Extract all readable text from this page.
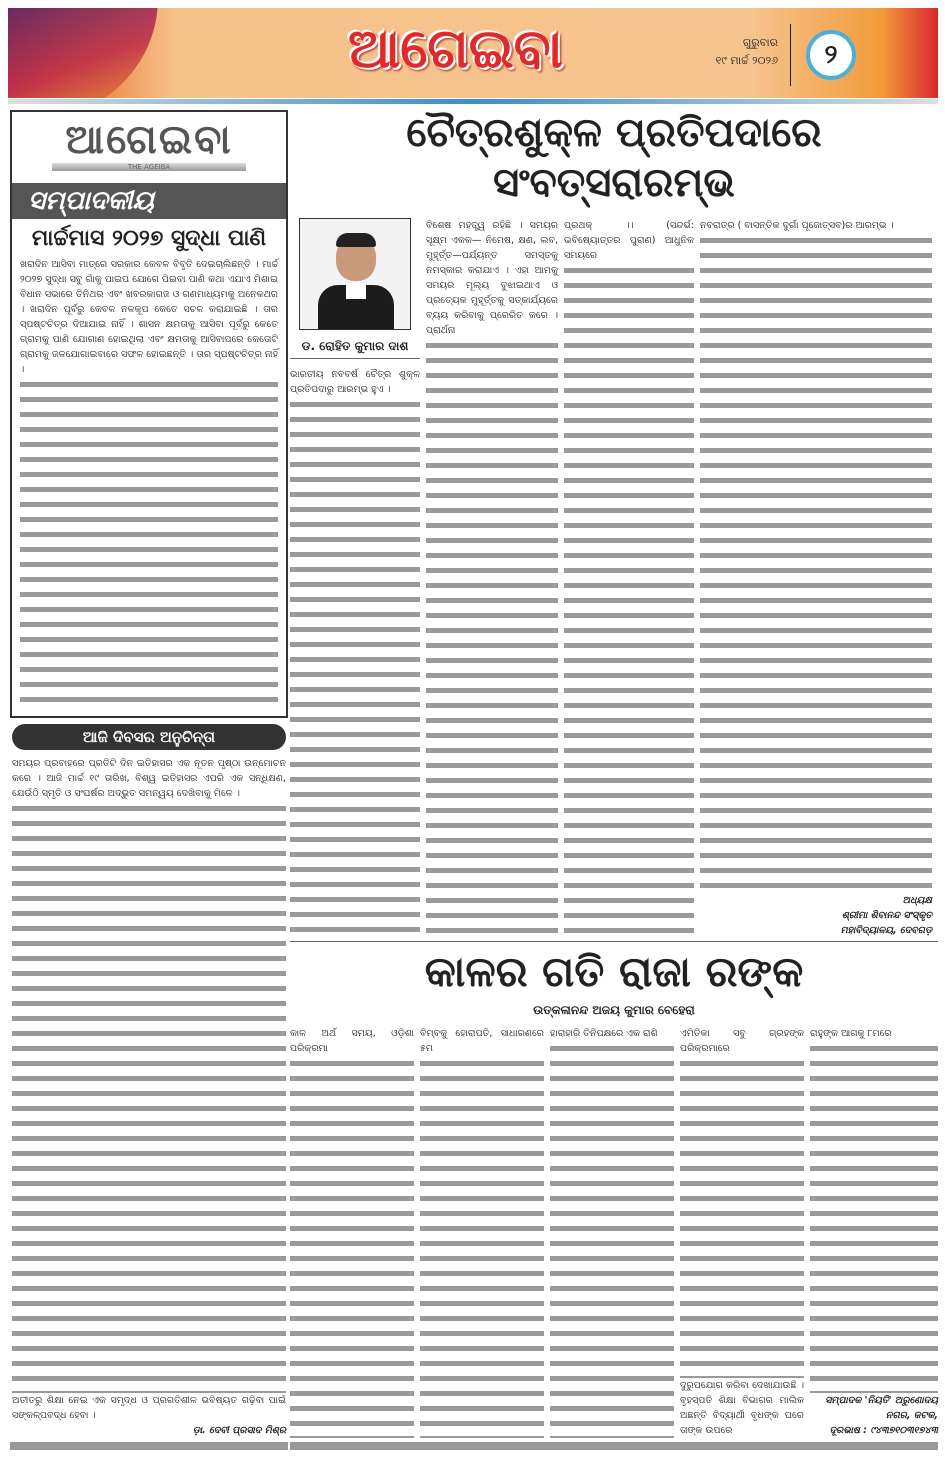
ଆଗେଇବା	ଗୁରୁବାର
୧୯ ମାର୍ଚ୍ଚ ୨୦୨୬	୨
ଆଗେଇବା
THE AGEIBA
ସମ୍ପାଦକୀୟ
ମାର୍ଚ୍ଚମାସ ୨୦୨୭ ସୁଦ୍ଧା ପାଣି
ଖରାଦିନ ଆସିବା ମାତ୍ରେ ସରକାର କେବଳ ବିବୃତି ଦେଇଚାଲିଛନ୍ତି । ମାର୍ଚ୍ଚ ୨୦୨୭ ସୁଦ୍ଧା ସବୁ ଗାଁକୁ ପାଇପ ଯୋଗେ ପିଇବା ପାଣି କଥା ଏଯାଏ ମିଶାଇ ବିଧାନ ସଭାରେ ତିନିଥର ଏବଂ ଖବରକାଗଜ ଓ ଗଣମାଧ୍ୟମକୁ ଅନେକଥର । ଖରାଦିନ ପୂର୍ବରୁ କେବଳ ନଳକୂପ କେତେ ସଚଳ କରାଯାଇଛି । ତାର ସ୍ପଷ୍ଟଚିତ୍ର ଦିଆଯାଇ ନାହିଁ । ଶାସନ କ୍ଷମତାକୁ ଆସିବା ପୂର୍ବରୁ କେତେ ଗ୍ରାମକୁ ପାଣି ଯୋଗାଣ ହୋଇଥିଲା ଏବଂ କ୍ଷମତାକୁ ଆସିବାପରେ କେତୋଟି ଗ୍ରାମକୁ ଜଳଯୋଗାଇବାରେ ସଫଳ ହୋଇଛନ୍ତି । ତାର ସ୍ପଷ୍ଟଚିତ୍ର ନାହିଁ ।
ଆଜି ଦିବସର ଅନୁଚିନ୍ତା
ସମୟର ପ୍ରବାହରେ ପ୍ରତିଟି ଦିନ ଇତିହାସର ଏକ ନୂତନ ପୃଷ୍ଠା ଉନ୍ମୋଚନ କରେ । ଆଜି ମାର୍ଚ୍ଚ ୧୯ ତାରିଖ, ବିଶ୍ୱ ଇତିହାସର ଏପରି ଏକ ସନ୍ଧିକ୍ଷଣ, ଯେଉଁଠି ସ୍ମୃତି ଓ ସଂଘର୍ଷର ଅଦ୍ଭୁତ ସମନ୍ୱୟ ଦେଖିବାକୁ ମିଳେ ।
ଅତୀତରୁ ଶିକ୍ଷା ନେଇ ଏକ ସମୃଦ୍ଧ ଓ ପ୍ରଗତିଶୀଳ ଭବିଷ୍ୟତ ଗଢ଼ିବା ପାଇଁ ସଙ୍କଳ୍ପବଦ୍ଧ ହେବା ।
ଡ଼ା. ଦେବୀ ପ୍ରସାଦ ମିଶ୍ର
ଚୈତ୍ରଶୁକ୍ଳ ପ୍ରତିପଦାରେ ସଂବତ୍ସରାରମ୍ଭ
ଡ. ରୋହିତ କୁମାର ଦାଶ
ଭାରତୀୟ ନବବର୍ଷ ଚୈତ୍ର ଶୁକ୍ଳ ପ୍ରତିପଦାରୁ ଆରମ୍ଭ ହୁଏ ।
ବିଶେଷ ମହତ୍ତ୍ୱ ରହିଛି । ସମୟର ସୂକ୍ଷ୍ମ ଏକକ— ନିମେଷ, କ୍ଷଣ, ଲବ, ମୁହୂର୍ତ୍ତ—ପର୍ଯ୍ୟନ୍ତ ସମସ୍ତକୁ ନମସ୍କାର କରାଯାଏ । ଏହା ଆମକୁ ସମୟର ମୂଲ୍ୟ ବୁଝାଇଥାଏ ଓ ପ୍ରତ୍ୟେକ ମୁହୂର୍ତ୍ତକୁ ସତ୍‌କାର୍ଯ୍ୟରେ ବ୍ୟୟ କରିବାକୁ ପ୍ରେରିତ କରେ । ପ୍ରାର୍ଥନା
ପ୍ରଥକ୍ ।। (ସନ୍ଦର୍ଭ: ଭବିଷ୍ୟୋତ୍ତର ପୁରାଣ) ଆଧୁନିକ ସମୟରେ
ନବରାତ୍ର ( ବାସନ୍ତିକ ଦୁର୍ଗା ପୂଜୋତ୍ସବ)ର ଆରମ୍ଭ ।
ଅଧ୍ୟକ୍ଷ
ଶ୍ରୀମା ଶିବାନନ୍ଦ ସଂସ୍କୃତ
ମହାବିଦ୍ୟାଳୟ, ଦେବଗଡ଼
କାଳର ଗତି ରାଜା ରଙ୍କ
ଉତ୍କଳାନନ୍ଦ ଅଜୟ କୁମାର ବେହେରା
କାଳ ଅର୍ଥ ସମୟ, ଓଡ଼ିଶା ପରିକ୍ରମା
ବିମ୍ବକୁ ହୋରାପତି, ସାଧାରଣରେ ୫ମ
ହାରାହାରି ତିନିପକ୍ଷରେ ଏକ ରାଶି	ଏମିତିକା ସବୁ ଗ୍ରହଙ୍କ ପରିକ୍ରମାରେ
ଦୁରୁପଯୋଗ କରିବା ଦେଖାଯାଉଛି । ବୃହସ୍ପତି ଶିକ୍ଷା ବିଭାଗର ମାଲିକ ଅଛନ୍ତି ବିଦ୍ୟାର୍ଥୀ ବୃଧଙ୍କ ଘରେ ତାଙ୍କ ଉପରେ
ରାହୁଙ୍କ ଆଗକୁ ୮ମରେ
ସମ୍ପାଦକ 'ନିୟତି' ଅରୁଣୋଦୟ
ନଗର, କଟକ,
ଦୂରଭାଷ : ୯୪୩୭୧୦୩୧୭୪୩
